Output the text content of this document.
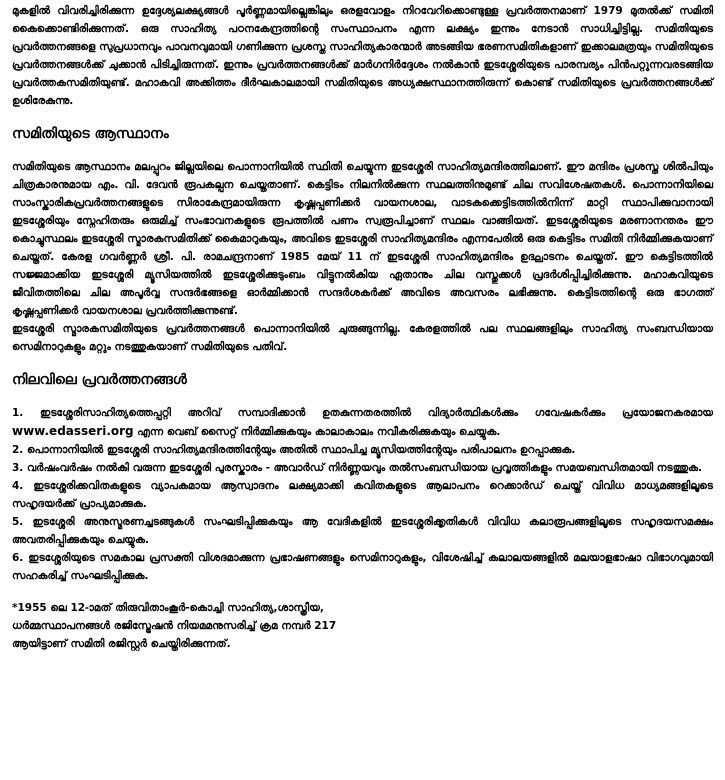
മുകളിൽ വിവരിച്ചിരിക്കുന്ന ഉദ്ദേശ്യലക്ഷ്യങ്ങൾ പൂർണ്ണമായില്ലെങ്കിലും ഒരളവോളം നിറവേറിക്കൊണ്ടുള്ള പ്രവർത്തനമാണ് 1979 മുതൽക്ക് സമിതി കൈക്കൊണ്ടിരിക്കുന്നത്. ഒരു സാഹിത്യ പഠനകേന്ദ്രത്തിന്റെ സംസ്ഥാപനം എന്ന ലക്ഷ്യം ഇന്നും നേടാൻ സാധിച്ചിട്ടില്ല. സമിതിയുടെ പ്രവർത്തനങ്ങളെ സുപ്രധാനവും പാവനവുമായി ഗണിക്കുന്ന പ്രശസ്ത സാഹിത്യകാരന്മാർ അടങ്ങിയ ഭരണസമിതികളാണ് ഇക്കാലമത്രയും സമിതിയുടെ പ്രവർത്തനങ്ങൾക്ക് ചുക്കാൻ പിടിച്ചിരുന്നത്. ഇന്നും പ്രവർത്തനങ്ങൾക്ക് മാർഗനിർദ്ദേശം നൽകാൻ ഇടശ്ശേരിയുടെ പാരമ്പര്യം പിൻപറ്റുന്നവരടങ്ങിയ പ്രവർത്തകസമിതിയുണ്ട്. മഹാകവി അക്കിത്തം ദീർഘകാലമായി സമിതിയുടെ അധ്യക്ഷസ്ഥാനത്തിരുന്ന് കൊണ്ട് സമിതിയുടെ പ്രവർത്തനങ്ങൾക്ക് ഉശിരേകുന്നു.

സമിതിയുടെ ആസ്ഥാനം

സമിതിയുടെ ആസ്ഥാനം മലപ്പുറം ജില്ലയിലെ പൊന്നാനിയിൽ സ്ഥിതി ചെയ്യുന്ന ഇടശ്ശേരി സാഹിത്യമന്ദിരത്തിലാണ്. ഈ മന്ദിരം പ്രശസ്ത ശിൽപിയും ചിത്രകാരനുമായ എം. വി. ദേവൻ രൂപകല്പന ചെയ്തതാണ്. കെട്ടിടം നിലനിൽക്കുന്ന സ്ഥലത്തിനുമുണ്ട് ചില സവിശേഷതകൾ. പൊന്നാനിയിലെ സാംസ്കാരികപ്രവർത്തനങ്ങളുടെ സിരാകേന്ദ്രമായിരുന്ന കൃഷ്ണപ്പണിക്കർ വായനശാല, വാടകക്കെട്ടിടത്തിൽനിന്ന് മാറ്റി സ്ഥാപിക്കുവാനായി ഇടശ്ശേരിയും സ്നേഹിതരും ഒരുമിച്ച് സംഭാവനകളുടെ രൂപത്തിൽ പണം സ്വരൂപിച്ചാണ് സ്ഥലം വാങ്ങിയത്. ഇടശ്ശേരിയുടെ മരണാനന്തരം ഈ കൊച്ചുസ്ഥലം ഇടശ്ശേരി സ്മാരകസമിതിക്ക് കൈമാറുകയും, അവിടെ ഇടശ്ശേരി സാഹിത്യമന്ദിരം എന്നപേരിൽ ഒരു കെട്ടിടം സമിതി നിർമ്മിക്കുകയാണ് ചെയ്തത്. കേരള ഗവർണ്ണർ ശ്രീ. പി. രാമചന്ദ്രനാണ് 1985 മേയ് 11 ന് ഇടശ്ശേരി സാഹിത്യമന്ദിരം ഉദ്ഘാടനം ചെയ്തത്. ഈ കെട്ടിടത്തിൽ സജ്ജമാക്കിയ ഇടശ്ശേരി മ്യൂസിയത്തിൽ ഇടശ്ശേരിക്കുടുംബം വിട്ടുനൽകിയ ഏതാനും ചില വസ്തുക്കൾ പ്രദർശിപ്പിച്ചിരിക്കുന്നു. മഹാകവിയുടെ ജീവിതത്തിലെ ചില അപൂർവ്വ സന്ദർഭങ്ങളെ ഓർമ്മിക്കാൻ സന്ദർശകർക്ക് അവിടെ അവസരം ലഭിക്കുന്നു. കെട്ടിടത്തിന്റെ ഒരു ഭാഗത്ത് കൃഷ്ണപ്പണിക്കർ വായനശാല പ്രവർത്തിക്കുന്നുണ്ട്.

ഇടശ്ശേരി സ്മാരകസമിതിയുടെ പ്രവർത്തനങ്ങൾ പൊന്നാനിയിൽ ചുരുങ്ങുന്നില്ല. കേരളത്തിൽ പല സ്ഥലങ്ങളിലും സാഹിത്യ സംബന്ധിയായ സെമിനാറുകളും മറ്റും നടത്തുകയാണ് സമിതിയുടെ പതിവ്.

നിലവിലെ പ്രവർത്തനങ്ങൾ

1. ഇടശ്ശേരിസാഹിത്യത്തെപ്പറ്റി അറിവ് സമ്പാദിക്കാൻ ഉതകുന്നതരത്തിൽ വിദ്യാർത്ഥികൾക്കും ഗവേഷകർക്കും പ്രയോജനകരമായ www.edasseri.org എന്ന വെബ് സൈറ്റ് നിർമ്മിക്കുകയും കാലാകാലം നവീകരിക്കുകയും ചെയ്യുക.

2. പൊന്നാനിയിൽ ഇടശ്ശേരി സാഹിത്യമന്ദിരത്തിന്റേയും അതിൽ സ്ഥാപിച്ച മ്യൂസിയത്തിന്റേയും പരിപാലനം ഉറപ്പാക്കുക.

3. വർഷംവർഷം നൽകി വരുന്ന ഇടശ്ശേരി പുരസ്കാരം - അവാർഡ് നിർണ്ണയവും തൽസംബന്ധിയായ പ്രവൃത്തികളും സമയബന്ധിതമായി നടത്തുക.

4. ഇടശ്ശേരിക്കവിതകളുടെ വ്യാപകമായ ആസ്വാദനം ലക്ഷ്യമാക്കി കവിതകളുടെ ആലാപനം റെക്കാർഡ് ചെയ്ത് വിവിധ മാധ്യമങ്ങളിലൂടെ സഹൃദയർക്ക് പ്രാപ്യമാക്കുക.

5. ഇടശ്ശേരി അനുസ്മരണച്ചടങ്ങുകൾ സംഘടിപ്പിക്കുകയും ആ വേദികളിൽ ഇടശ്ശേരിക്കൃതികൾ വിവിധ കലാരൂപങ്ങളിലൂടെ സഹൃദയസമക്ഷം അവതരിപ്പിക്കുകയും ചെയ്യുക.

6. ഇടശ്ശേരിയുടെ സമകാല പ്രസക്തി വിശദമാക്കുന്ന പ്രഭാഷണങ്ങളും സെമിനാറുകളും, വിശേഷിച്ച് കലാലയങ്ങളിൽ മലയാളഭാഷാ വിഭാഗവുമായി സഹകരിച്ച് സംഘടിപ്പിക്കുക.

*1955 ലെ 12-ാമത് തിരുവിതാംകൂർ-കൊച്ചി സാഹിത്യ,ശാസ്ത്രീയ,

ധർമ്മസ്ഥാപനങ്ങൾ രജിസ്ട്രേഷൻ നിയമമനുസരിച്ച് ക്രമ നമ്പർ 217

ആയിട്ടാണ് സമിതി രജിസ്റ്റർ ചെയ്തിരിക്കുന്നത്.
